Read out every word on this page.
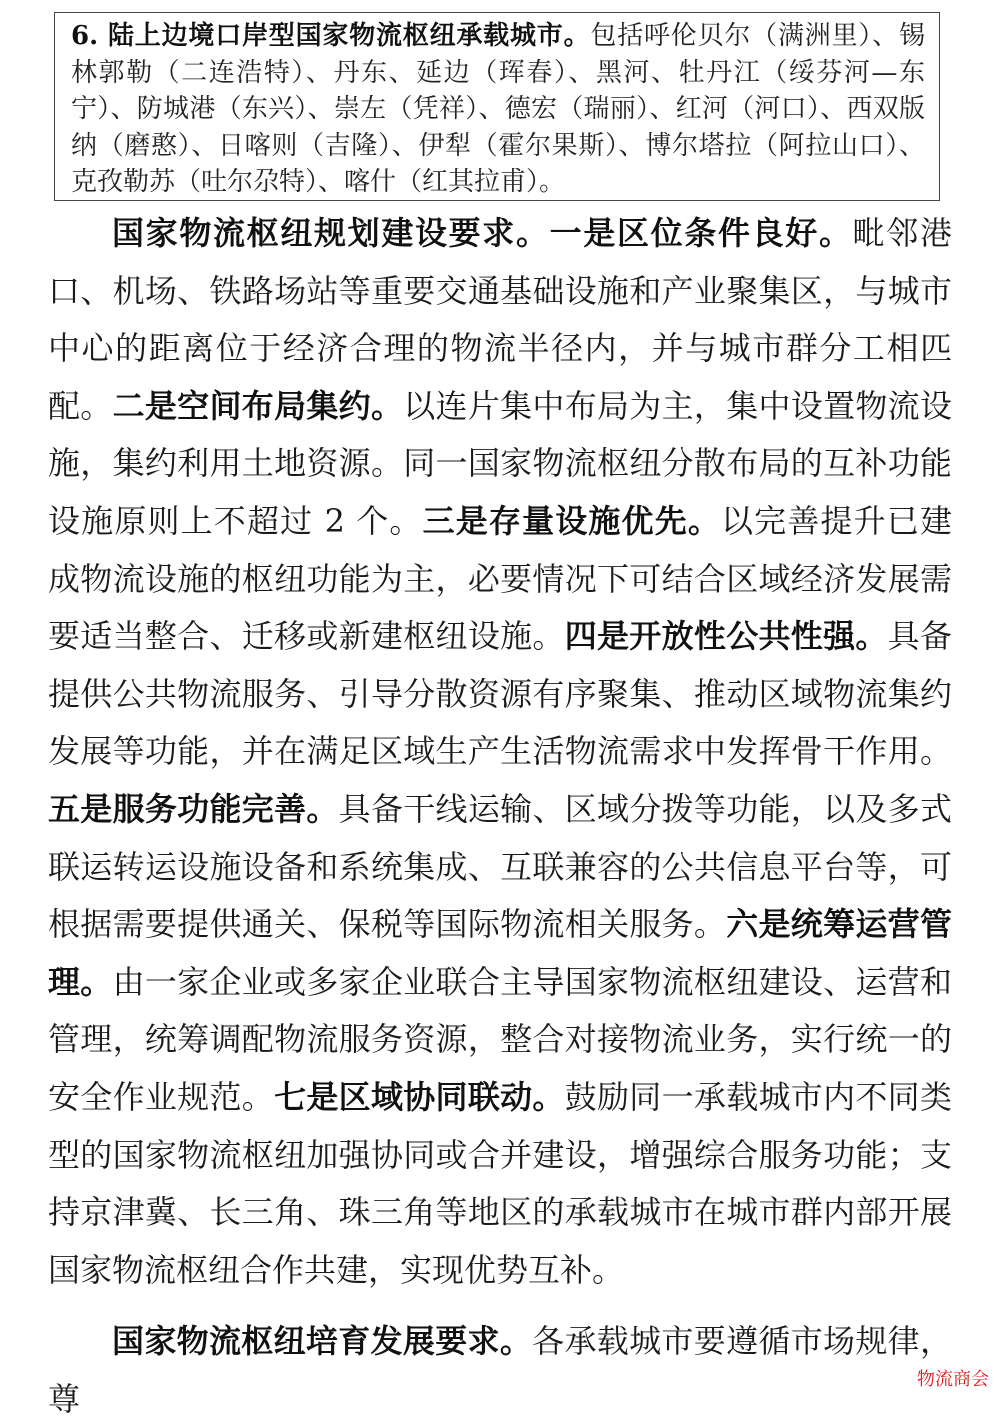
6. 陆上边境口岸型国家物流枢纽承载城市。包括呼伦贝尔（满洲里）、锡林郭勒（二连浩特）、丹东、延边（珲春）、黑河、牡丹江（绥芬河—东宁）、防城港（东兴）、崇左（凭祥）、德宏（瑞丽）、红河（河口）、西双版纳（磨憨）、日喀则（吉隆）、伊犁（霍尔果斯）、博尔塔拉（阿拉山口）、克孜勒苏（吐尔尕特）、喀什（红其拉甫）。

国家物流枢纽规划建设要求。一是区位条件良好。毗邻港口、机场、铁路场站等重要交通基础设施和产业聚集区，与城市中心的距离位于经济合理的物流半径内，并与城市群分工相匹配。二是空间布局集约。以连片集中布局为主，集中设置物流设施，集约利用土地资源。同一国家物流枢纽分散布局的互补功能设施原则上不超过 2 个。三是存量设施优先。以完善提升已建成物流设施的枢纽功能为主，必要情况下可结合区域经济发展需要适当整合、迁移或新建枢纽设施。四是开放性公共性强。具备提供公共物流服务、引导分散资源有序聚集、推动区域物流集约发展等功能，并在满足区域生产生活物流需求中发挥骨干作用。五是服务功能完善。具备干线运输、区域分拨等功能，以及多式联运转运设施设备和系统集成、互联兼容的公共信息平台等，可根据需要提供通关、保税等国际物流相关服务。六是统筹运营管理。由一家企业或多家企业联合主导国家物流枢纽建设、运营和管理，统筹调配物流服务资源，整合对接物流业务，实行统一的安全作业规范。七是区域协同联动。鼓励同一承载城市内不同类型的国家物流枢纽加强协同或合并建设，增强综合服务功能；支持京津冀、长三角、珠三角等地区的承载城市在城市群内部开展国家物流枢纽合作共建，实现优势互补。

国家物流枢纽培育发展要求。各承载城市要遵循市场规律，尊

物流商会
